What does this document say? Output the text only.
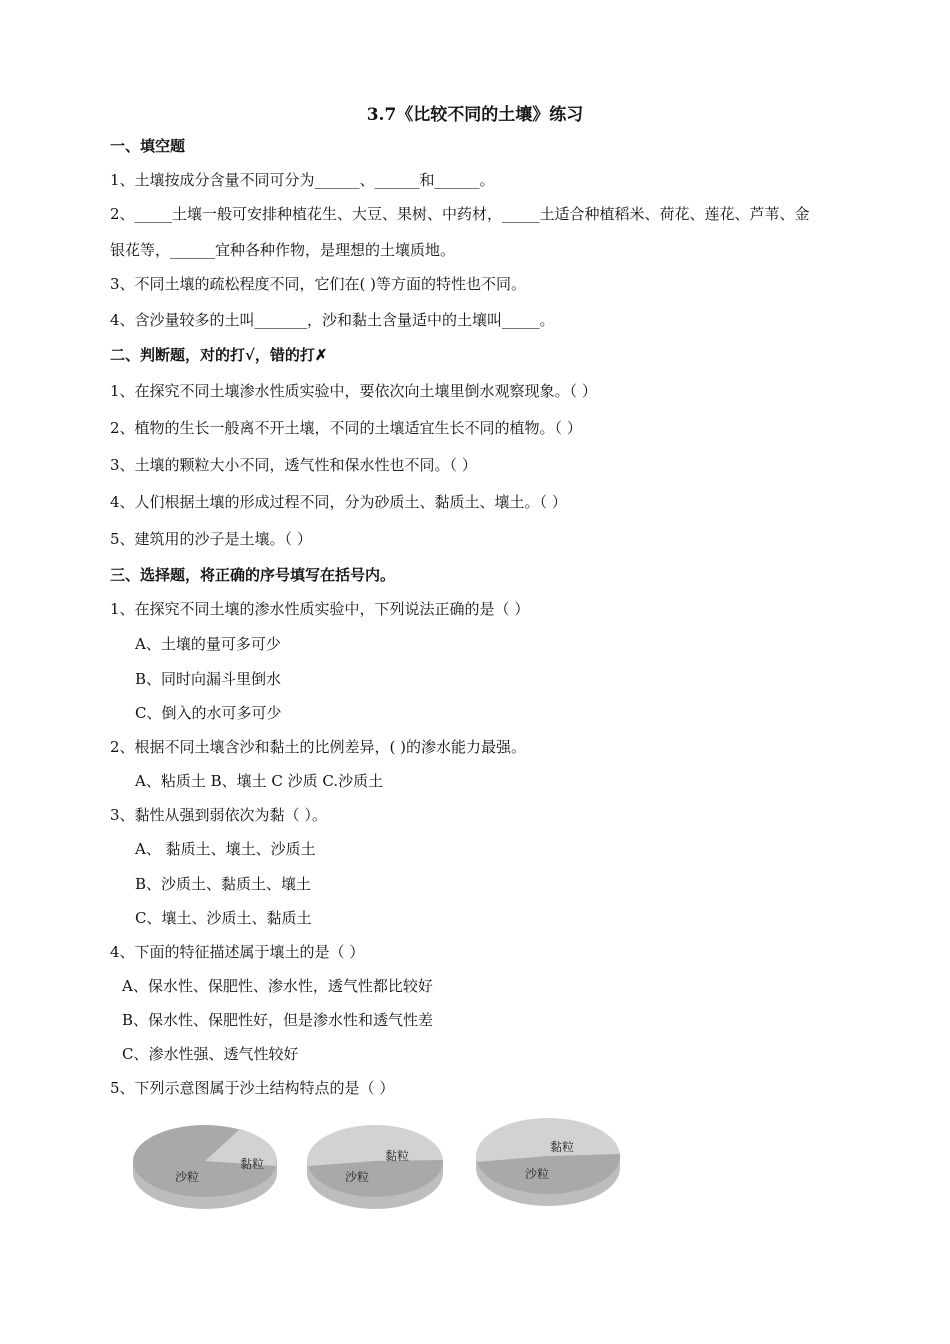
3.7《比较不同的土壤》练习
一、填空题
1、土壤按成分含量不同可分为______、______和______。
2、_____土壤一般可安排种植花生、大豆、果树、中药材，_____土适合种植稻米、荷花、莲花、芦苇、金
银花等，______宜种各种作物，是理想的土壤质地。
3、不同土壤的疏松程度不同，它们在( )等方面的特性也不同。
4、含沙量较多的土叫_______，沙和黏土含量适中的土壤叫_____。
二、判断题，对的打√，错的打✗
1、在探究不同土壤渗水性质实验中，要依次向土壤里倒水观察现象。（ ）
2、植物的生长一般离不开土壤，不同的土壤适宜生长不同的植物。（ ）
3、土壤的颗粒大小不同，透气性和保水性也不同。（ ）
4、人们根据土壤的形成过程不同，分为砂质土、黏质土、壤土。（ ）
5、建筑用的沙子是土壤。（ ）
三、选择题，将正确的序号填写在括号内。
1、在探究不同土壤的渗水性质实验中，下列说法正确的是（ ）
A、土壤的量可多可少
B、同时向漏斗里倒水
C、倒入的水可多可少
2、根据不同土壤含沙和黏土的比例差异，( )的渗水能力最强。
A、粘质土 B、壤土 C 沙质 C.沙质土
3、黏性从强到弱依次为黏（ ）。
A、 黏质土、壤土、沙质土
B、沙质土、黏质土、壤土
C、壤土、沙质土、黏质土
4、下面的特征描述属于壤土的是（ ）
A、保水性、保肥性、渗水性，透气性都比较好
B、保水性、保肥性好，但是渗水性和透气性差
C、渗水性强、透气性较好
5、下列示意图属于沙土结构特点的是（ ）
沙粒
黏粒
沙粒
黏粒
沙粒
黏粒
